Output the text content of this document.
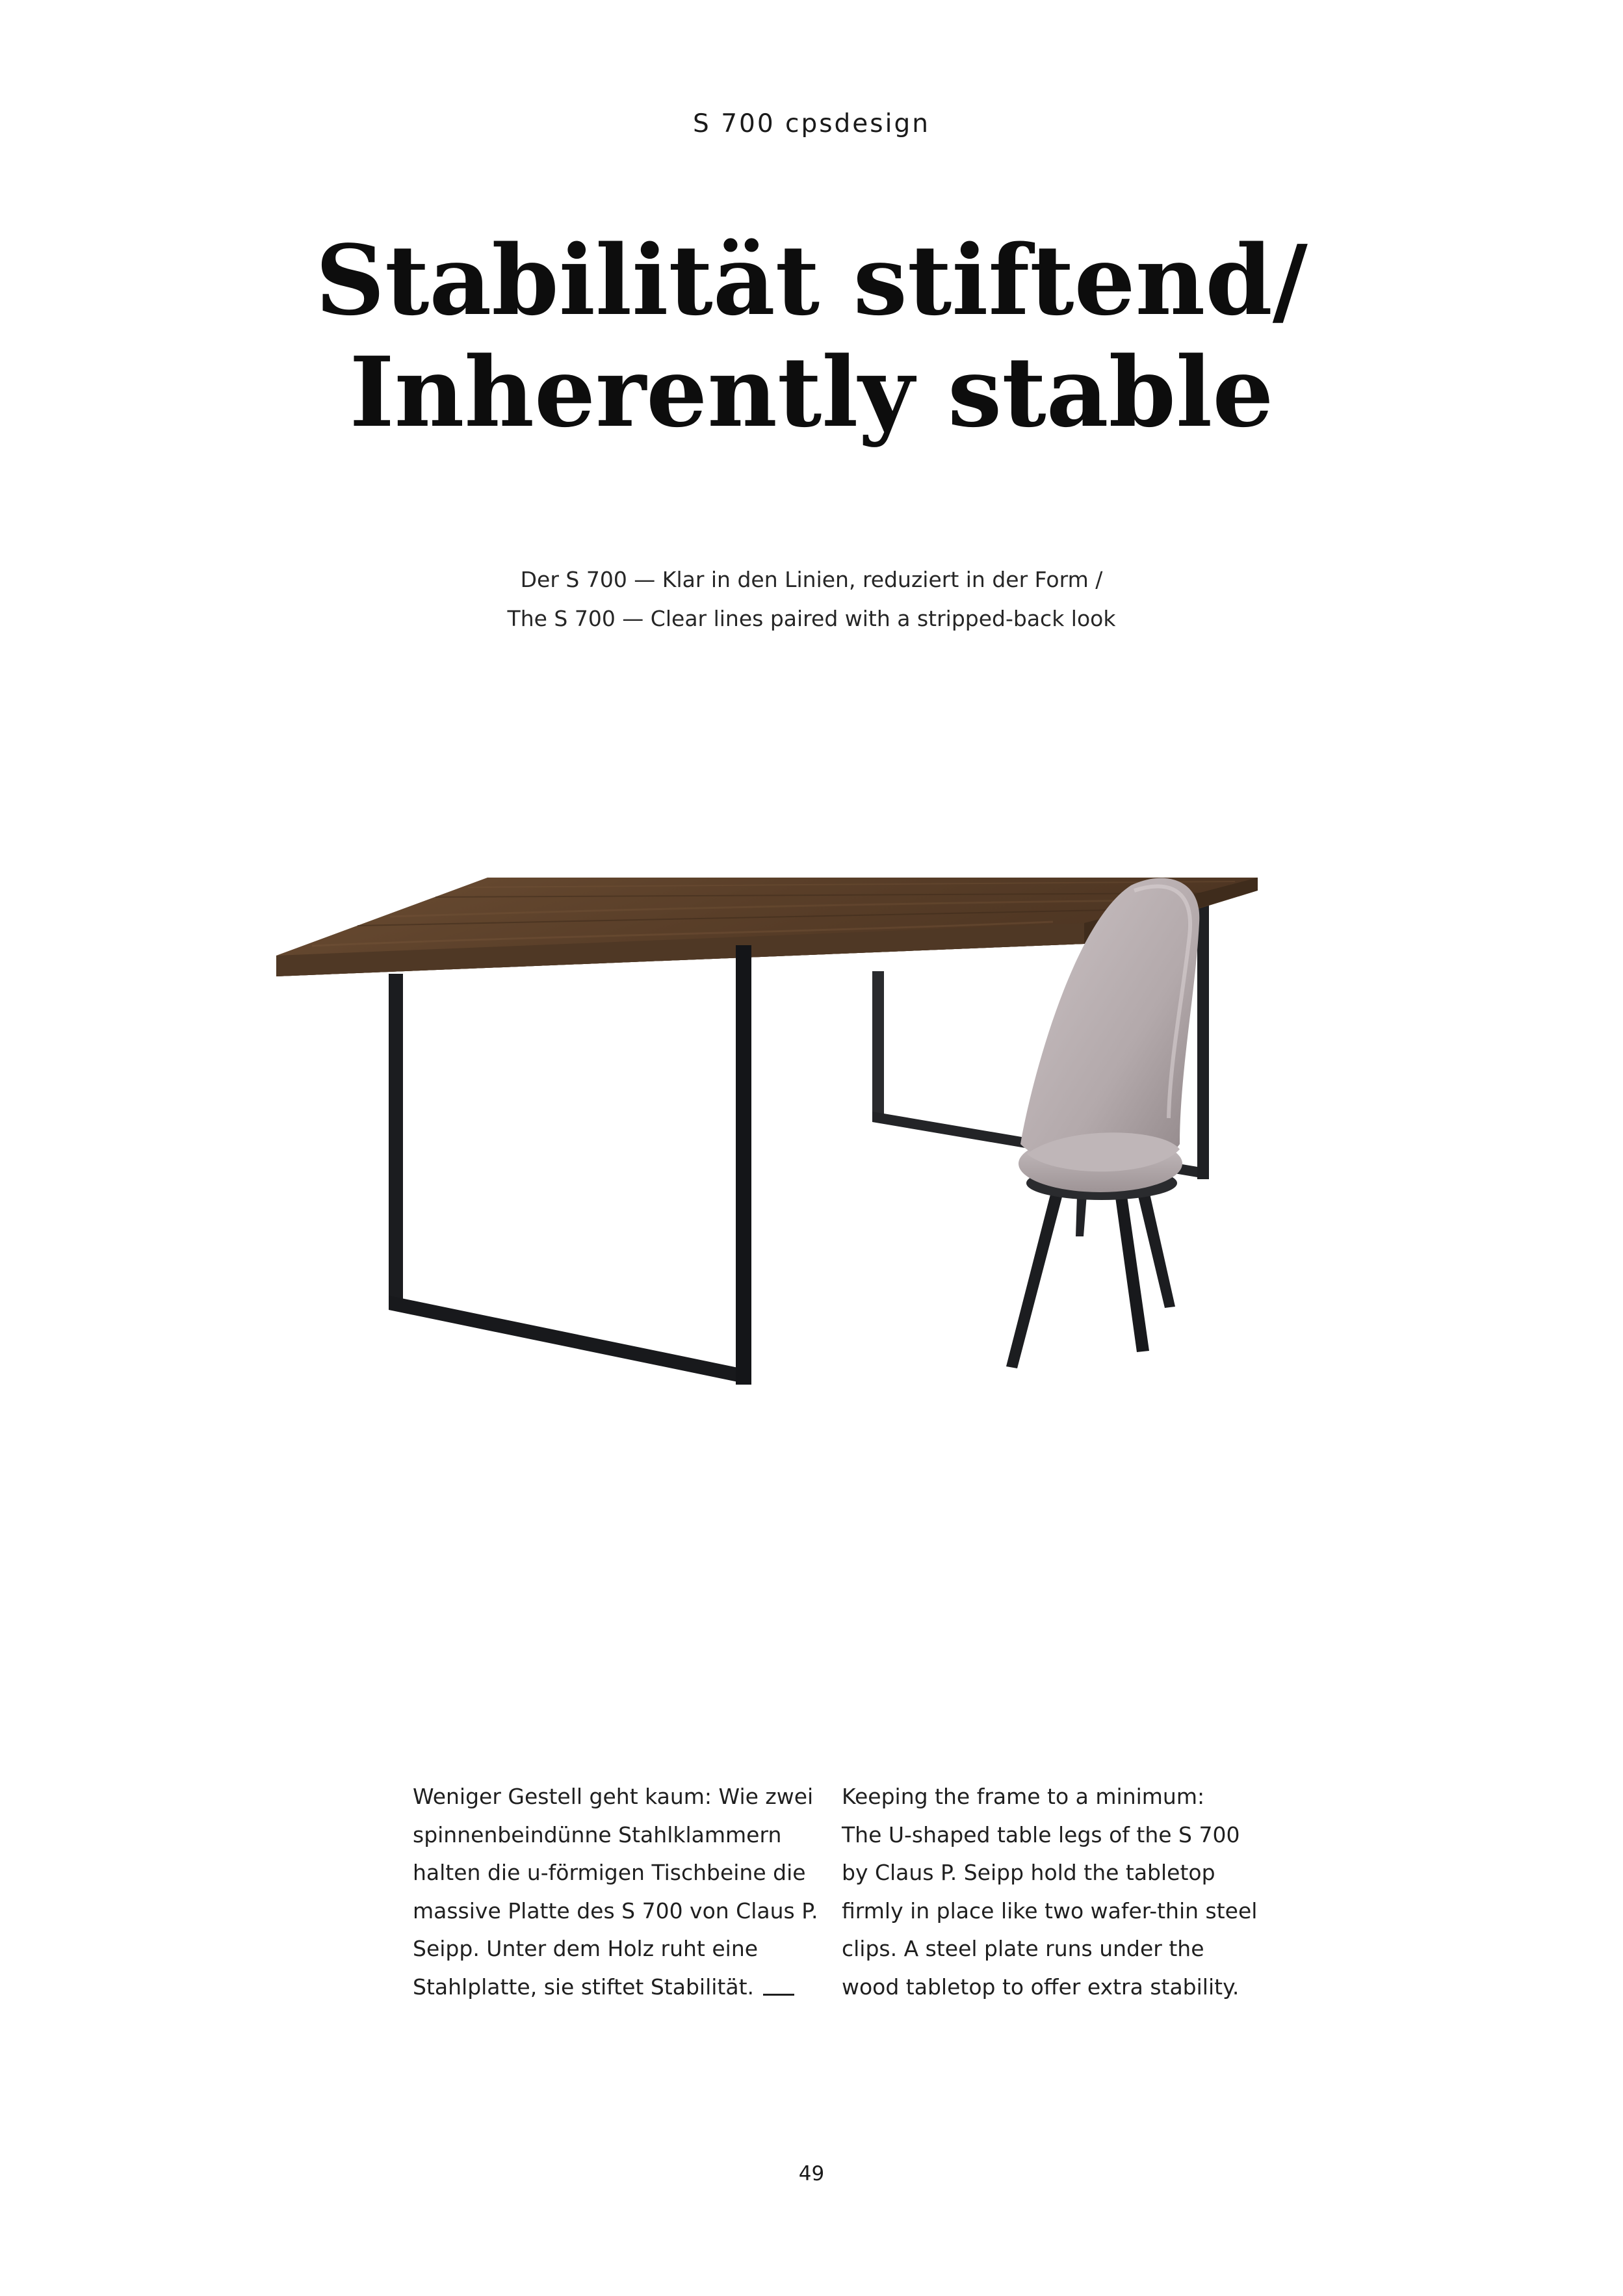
S 700 cpsdesign
Stabilität stiftend/
Inherently stable
Der S 700 — Klar in den Linien, reduziert in der Form /
The S 700 — Clear lines paired with a stripped-back look
Weniger Gestell geht kaum: Wie zwei
spinnenbeindünne Stahlklammern
halten die u-förmigen Tischbeine die
massive Platte des S 700 von Claus P.
Seipp. Unter dem Holz ruht eine
Stahlplatte, sie stiftet Stabilität.
Keeping the frame to a minimum:
The U-shaped table legs of the S 700
by Claus P. Seipp hold the tabletop
firmly in place like two wafer-thin steel
clips. A steel plate runs under the
wood tabletop to offer extra stability.
49
